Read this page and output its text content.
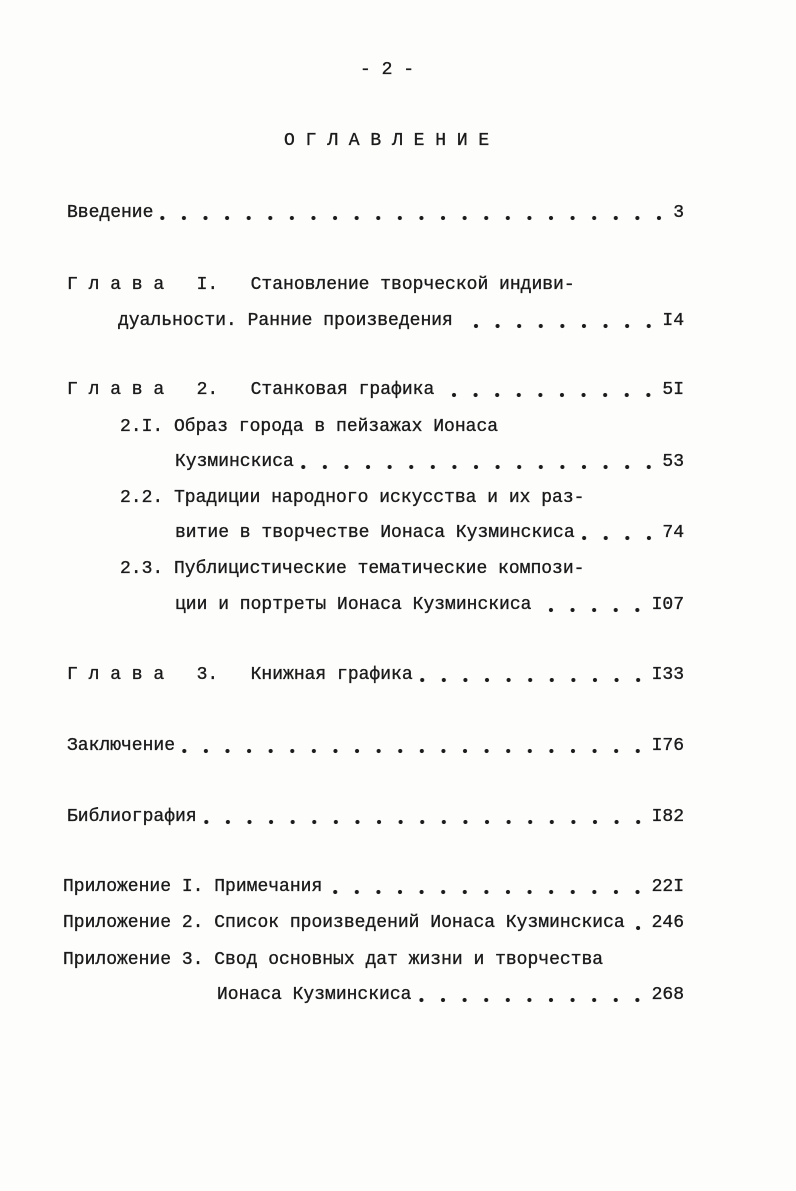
- 2 -
О Г Л А В Л Е Н И Е
Введение	3
Г л а в а	I.	Становление творческой индиви-
дуальности. Ранние произведения	I4
Г л а в а	2.	Станковая графика	5I
2.I. Образ города в пейзажах Ионаса
Кузминскиса	53
2.2. Традиции народного искусства и их раз-
витие в творчестве Ионаса Кузминскиса	74
2.3. Публицистические тематические компози-
ции и портреты Ионаса Кузминскиса	I07
Г л а в а	3.	Книжная графика	I33
Заключение	I76
Библиография	I82
Приложение I. Примечания	22I
Приложение 2. Список произведений Ионаса Кузминскиса 246
Приложение 3. Свод основных дат жизни и творчества
Ионаса Кузминскиса	268
